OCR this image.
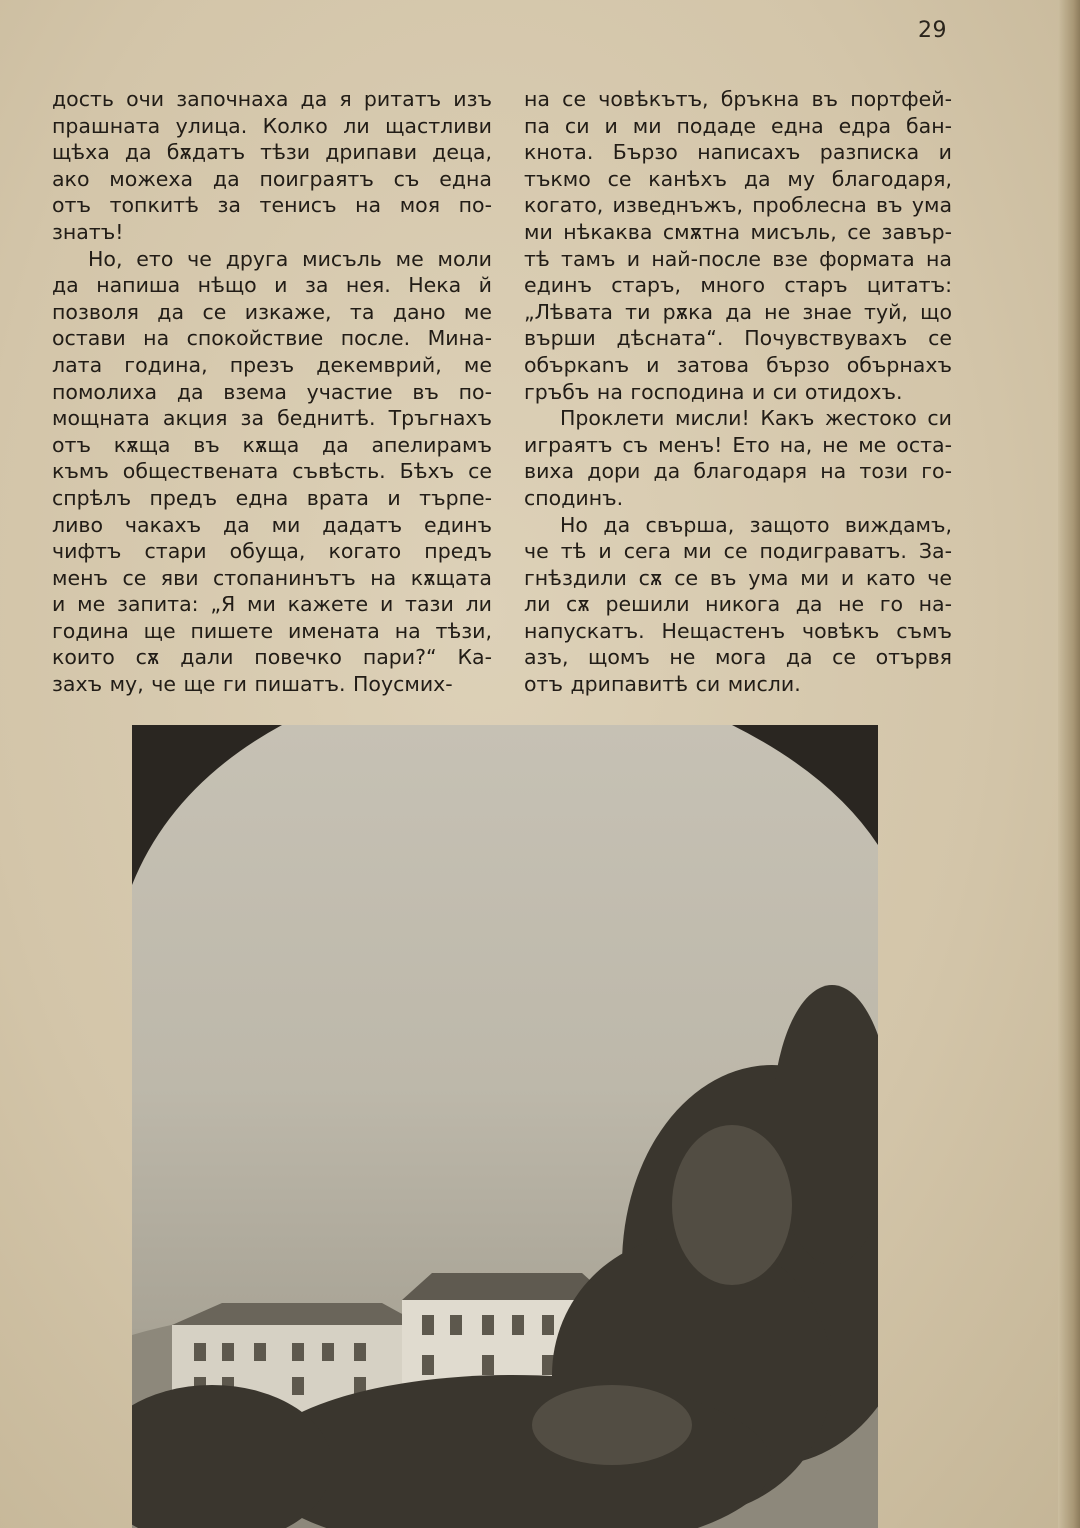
29
дость очи започнаха да я ритатъ изъ
прашната улица. Колко ли щастливи
щѣха да бѫдатъ тѣзи дрипави деца,
ако можеха да поиграятъ съ една
отъ топкитѣ за тенисъ на моя по-
знатъ!
Но, ето че друга мисъль ме моли
да напиша нѣщо и за нея. Нека й
позволя да се изкаже, та дано ме
остави на спокойствие после. Мина-
лата година, презъ декемврий, ме
помолиха да взема участие въ по-
мощната акция за беднитѣ. Тръгнахъ
отъ кѫща въ кѫща да апелирамъ
къмъ обществената съвѣсть. Бѣхъ се
спрѣлъ предъ една врата и търпе-
ливо чакахъ да ми дадатъ единъ
чифтъ стари обуща, когато предъ
менъ се яви стопанинътъ на кѫщата
и ме запита: „Я ми кажете и тази ли
година ще пишете имената на тѣзи,
които сѫ дали повечко пари?“ Ка-
захъ му, че ще ги пишатъ. Поусмих-
на се човѣкътъ, бръкна въ портфей-
па си и ми подаде една едра бан-
кнота. Бързо написахъ разписка и
тъкмо се канѣхъ да му благодаря,
когато, изведнъжъ, проблесна въ ума
ми нѣкаква смѫтна мисъль, се завър-
тѣ тамъ и най-после взе формата на
единъ старъ, много старъ цитатъ:
„Лѣвата ти рѫка да не знае туй, що
върши дѣсната“. Почувствувахъ се
объркanъ и затова бързо обърнахъ
гръбъ на господина и си отидохъ.
Проклети мисли! Какъ жестоко си
играятъ съ менъ! Ето на, не ме оста-
виха дори да благодаря на този го-
сподинъ.
Но да свърша, защото виждамъ,
че тѣ и сега ми се подиграватъ. За-
гнѣздили сѫ се въ ума ми и като че
ли сѫ решили никога да не го на-
напускатъ. Нещастенъ човѣкъ съмъ
азъ, щомъ не мога да се отървя
отъ дрипавитѣ си мисли.
